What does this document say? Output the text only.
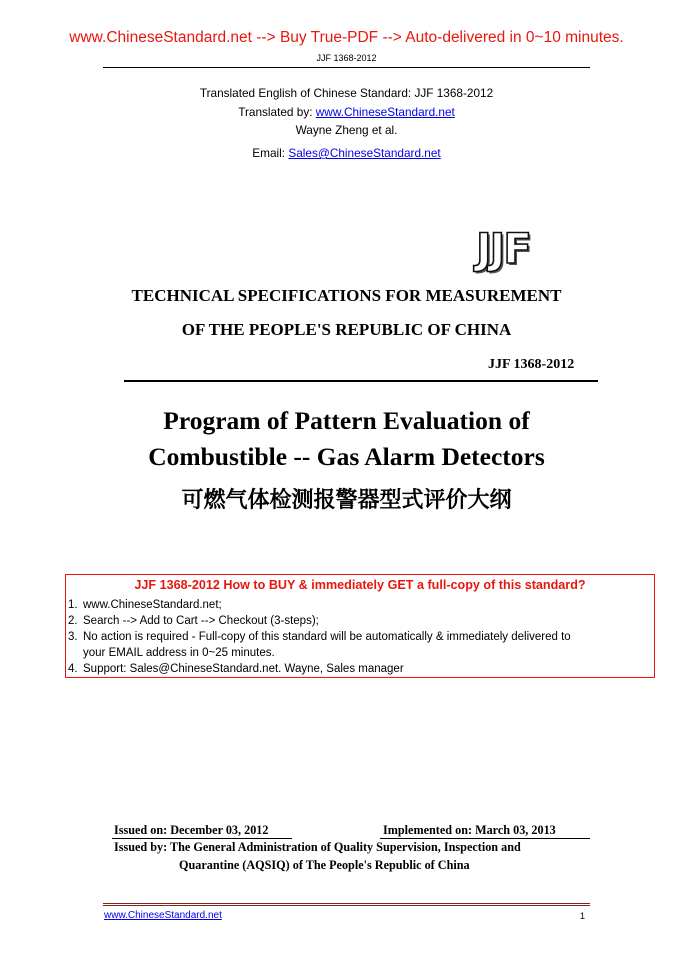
www.ChineseStandard.net --> Buy True-PDF --> Auto-delivered in 0~10 minutes.
JJF 1368-2012
Translated English of Chinese Standard: JJF 1368-2012
Translated by: www.ChineseStandard.net
Wayne Zheng et al.
Email: Sales@ChineseStandard.net
JJF
TECHNICAL SPECIFICATIONS FOR MEASUREMENT
OF THE PEOPLE'S REPUBLIC OF CHINA
JJF 1368-2012
Program of Pattern Evaluation of
Combustible -- Gas Alarm Detectors
可燃气体检测报警器型式评价大纲
JJF 1368-2012 How to BUY & immediately GET a full-copy of this standard?
1. www.ChineseStandard.net;
2. Search --> Add to Cart --> Checkout (3-steps);
3. No action is required - Full-copy of this standard will be automatically & immediately delivered to
your EMAIL address in 0~25 minutes.
4. Support: Sales@ChineseStandard.net. Wayne, Sales manager
Issued on: December 03, 2012	Implemented on: March 03, 2013
Issued by: The General Administration of Quality Supervision, Inspection and
Quarantine (AQSIQ) of The People's Republic of China
www.ChineseStandard.net	1
